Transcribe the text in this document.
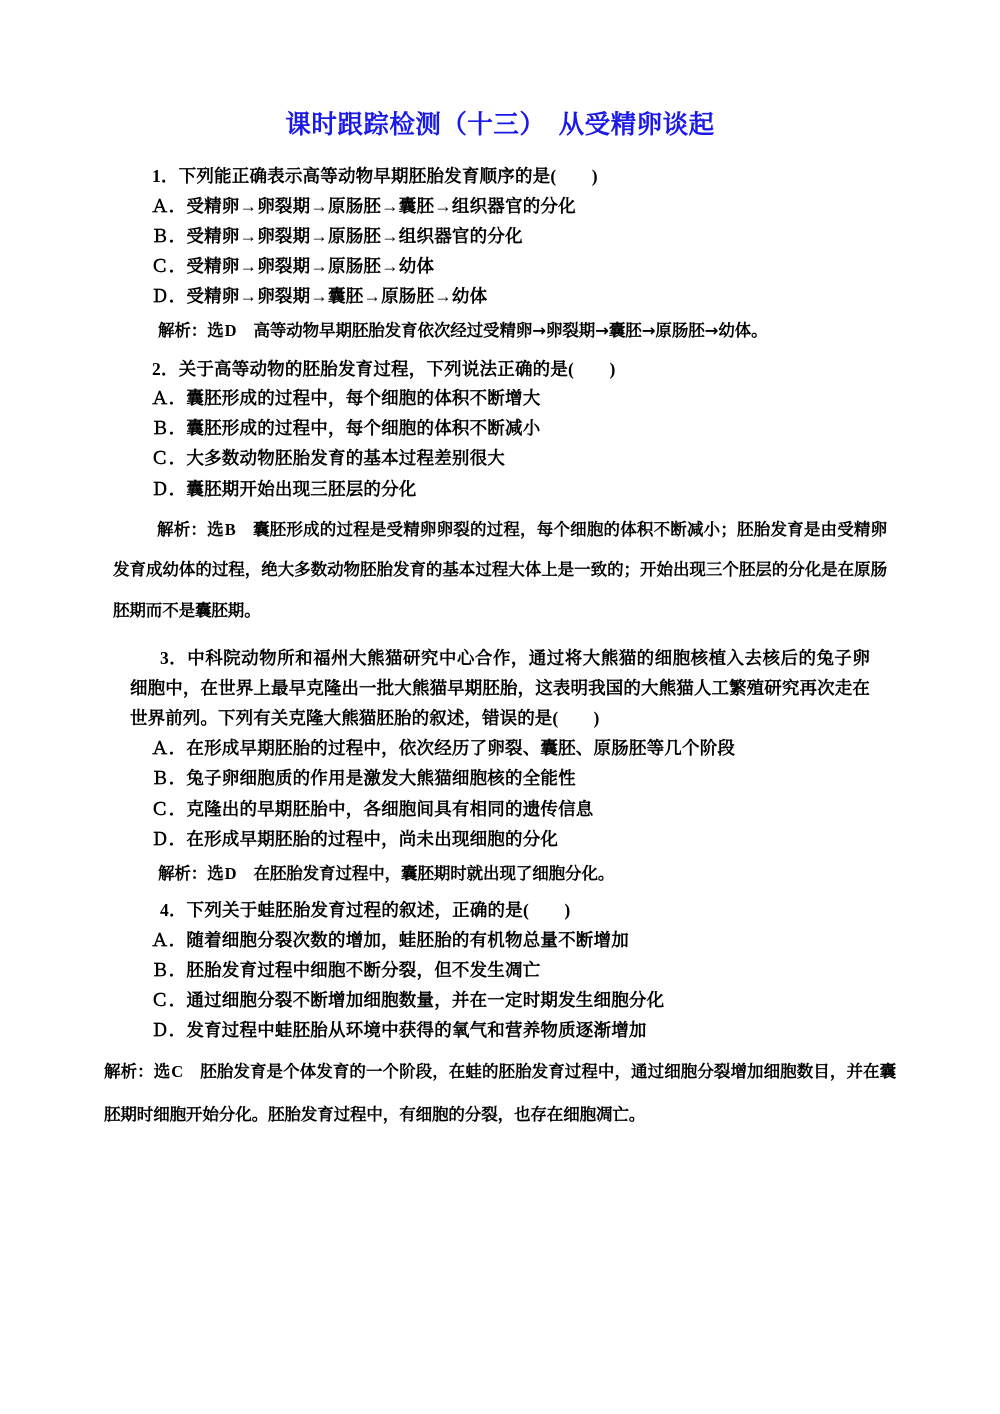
课时跟踪检测（十三）　从受精卵谈起

1．下列能正确表示高等动物早期胚胎发育顺序的是(　　)

Ａ．受精卵→卵裂期→原肠胚→囊胚→组织器官的分化

Ｂ．受精卵→卵裂期→原肠胚→组织器官的分化

Ｃ．受精卵→卵裂期→原肠胚→幼体

Ｄ．受精卵→卵裂期→囊胚→原肠胚→幼体

解析：选D 高等动物早期胚胎发育依次经过受精卵→卵裂期→囊胚→原肠胚→幼体。

2．关于高等动物的胚胎发育过程，下列说法正确的是(　　)

Ａ．囊胚形成的过程中，每个细胞的体积不断增大

Ｂ．囊胚形成的过程中，每个细胞的体积不断减小

Ｃ．大多数动物胚胎发育的基本过程差别很大

Ｄ．囊胚期开始出现三胚层的分化

解析：选B 囊胚形成的过程是受精卵卵裂的过程，每个细胞的体积不断减小；胚胎发育是由受精卵发育成幼体的过程，绝大多数动物胚胎发育的基本过程大体上是一致的；开始出现三个胚层的分化是在原肠胚期而不是囊胚期。

3．中科院动物所和福州大熊猫研究中心合作，通过将大熊猫的细胞核植入去核后的兔子卵细胞中，在世界上最早克隆出一批大熊猫早期胚胎，这表明我国的大熊猫人工繁殖研究再次走在世界前列。下列有关克隆大熊猫胚胎的叙述，错误的是(　　)

Ａ．在形成早期胚胎的过程中，依次经历了卵裂、囊胚、原肠胚等几个阶段

Ｂ．兔子卵细胞质的作用是激发大熊猫细胞核的全能性

Ｃ．克隆出的早期胚胎中，各细胞间具有相同的遗传信息

Ｄ．在形成早期胚胎的过程中，尚未出现细胞的分化

解析：选D 在胚胎发育过程中，囊胚期时就出现了细胞分化。

4．下列关于蛙胚胎发育过程的叙述，正确的是(　　)

Ａ．随着细胞分裂次数的增加，蛙胚胎的有机物总量不断增加

Ｂ．胚胎发育过程中细胞不断分裂，但不发生凋亡

Ｃ．通过细胞分裂不断增加细胞数量，并在一定时期发生细胞分化

Ｄ．发育过程中蛙胚胎从环境中获得的氧气和营养物质逐渐增加

解析：选C 胚胎发育是个体发育的一个阶段，在蛙的胚胎发育过程中，通过细胞分裂增加细胞数目，并在囊胚期时细胞开始分化。胚胎发育过程中，有细胞的分裂，也存在细胞凋亡。
